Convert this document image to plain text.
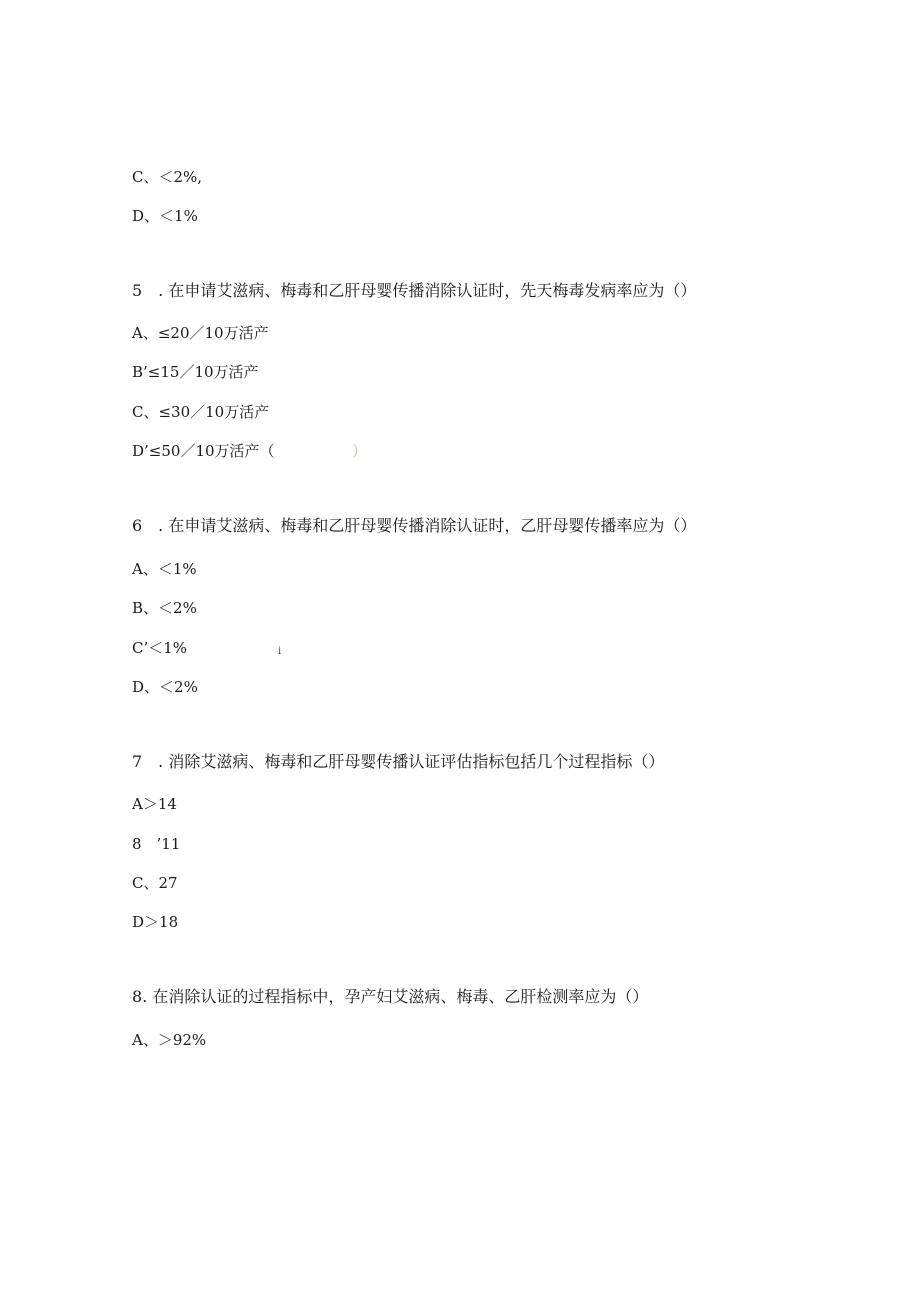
C、＜2%,
D、＜1%
5　. 在申请艾滋病、梅毒和乙肝母婴传播消除认证时，先天梅毒发病率应为（）
A、≤20／10万活产
B’≤15／10万活产
C、≤30／10万活产
D’≤50／10万活产（	）
6　. 在申请艾滋病、梅毒和乙肝母婴传播消除认证时，乙肝母婴传播率应为（）
A、＜1%
B、＜2%
C’＜1%	i
D、＜2%
7　. 消除艾滋病、梅毒和乙肝母婴传播认证评估指标包括几个过程指标（）
A＞14
8　’11
C、27
D＞18
8. 在消除认证的过程指标中，孕产妇艾滋病、梅毒、乙肝检测率应为（）
A、＞92%
